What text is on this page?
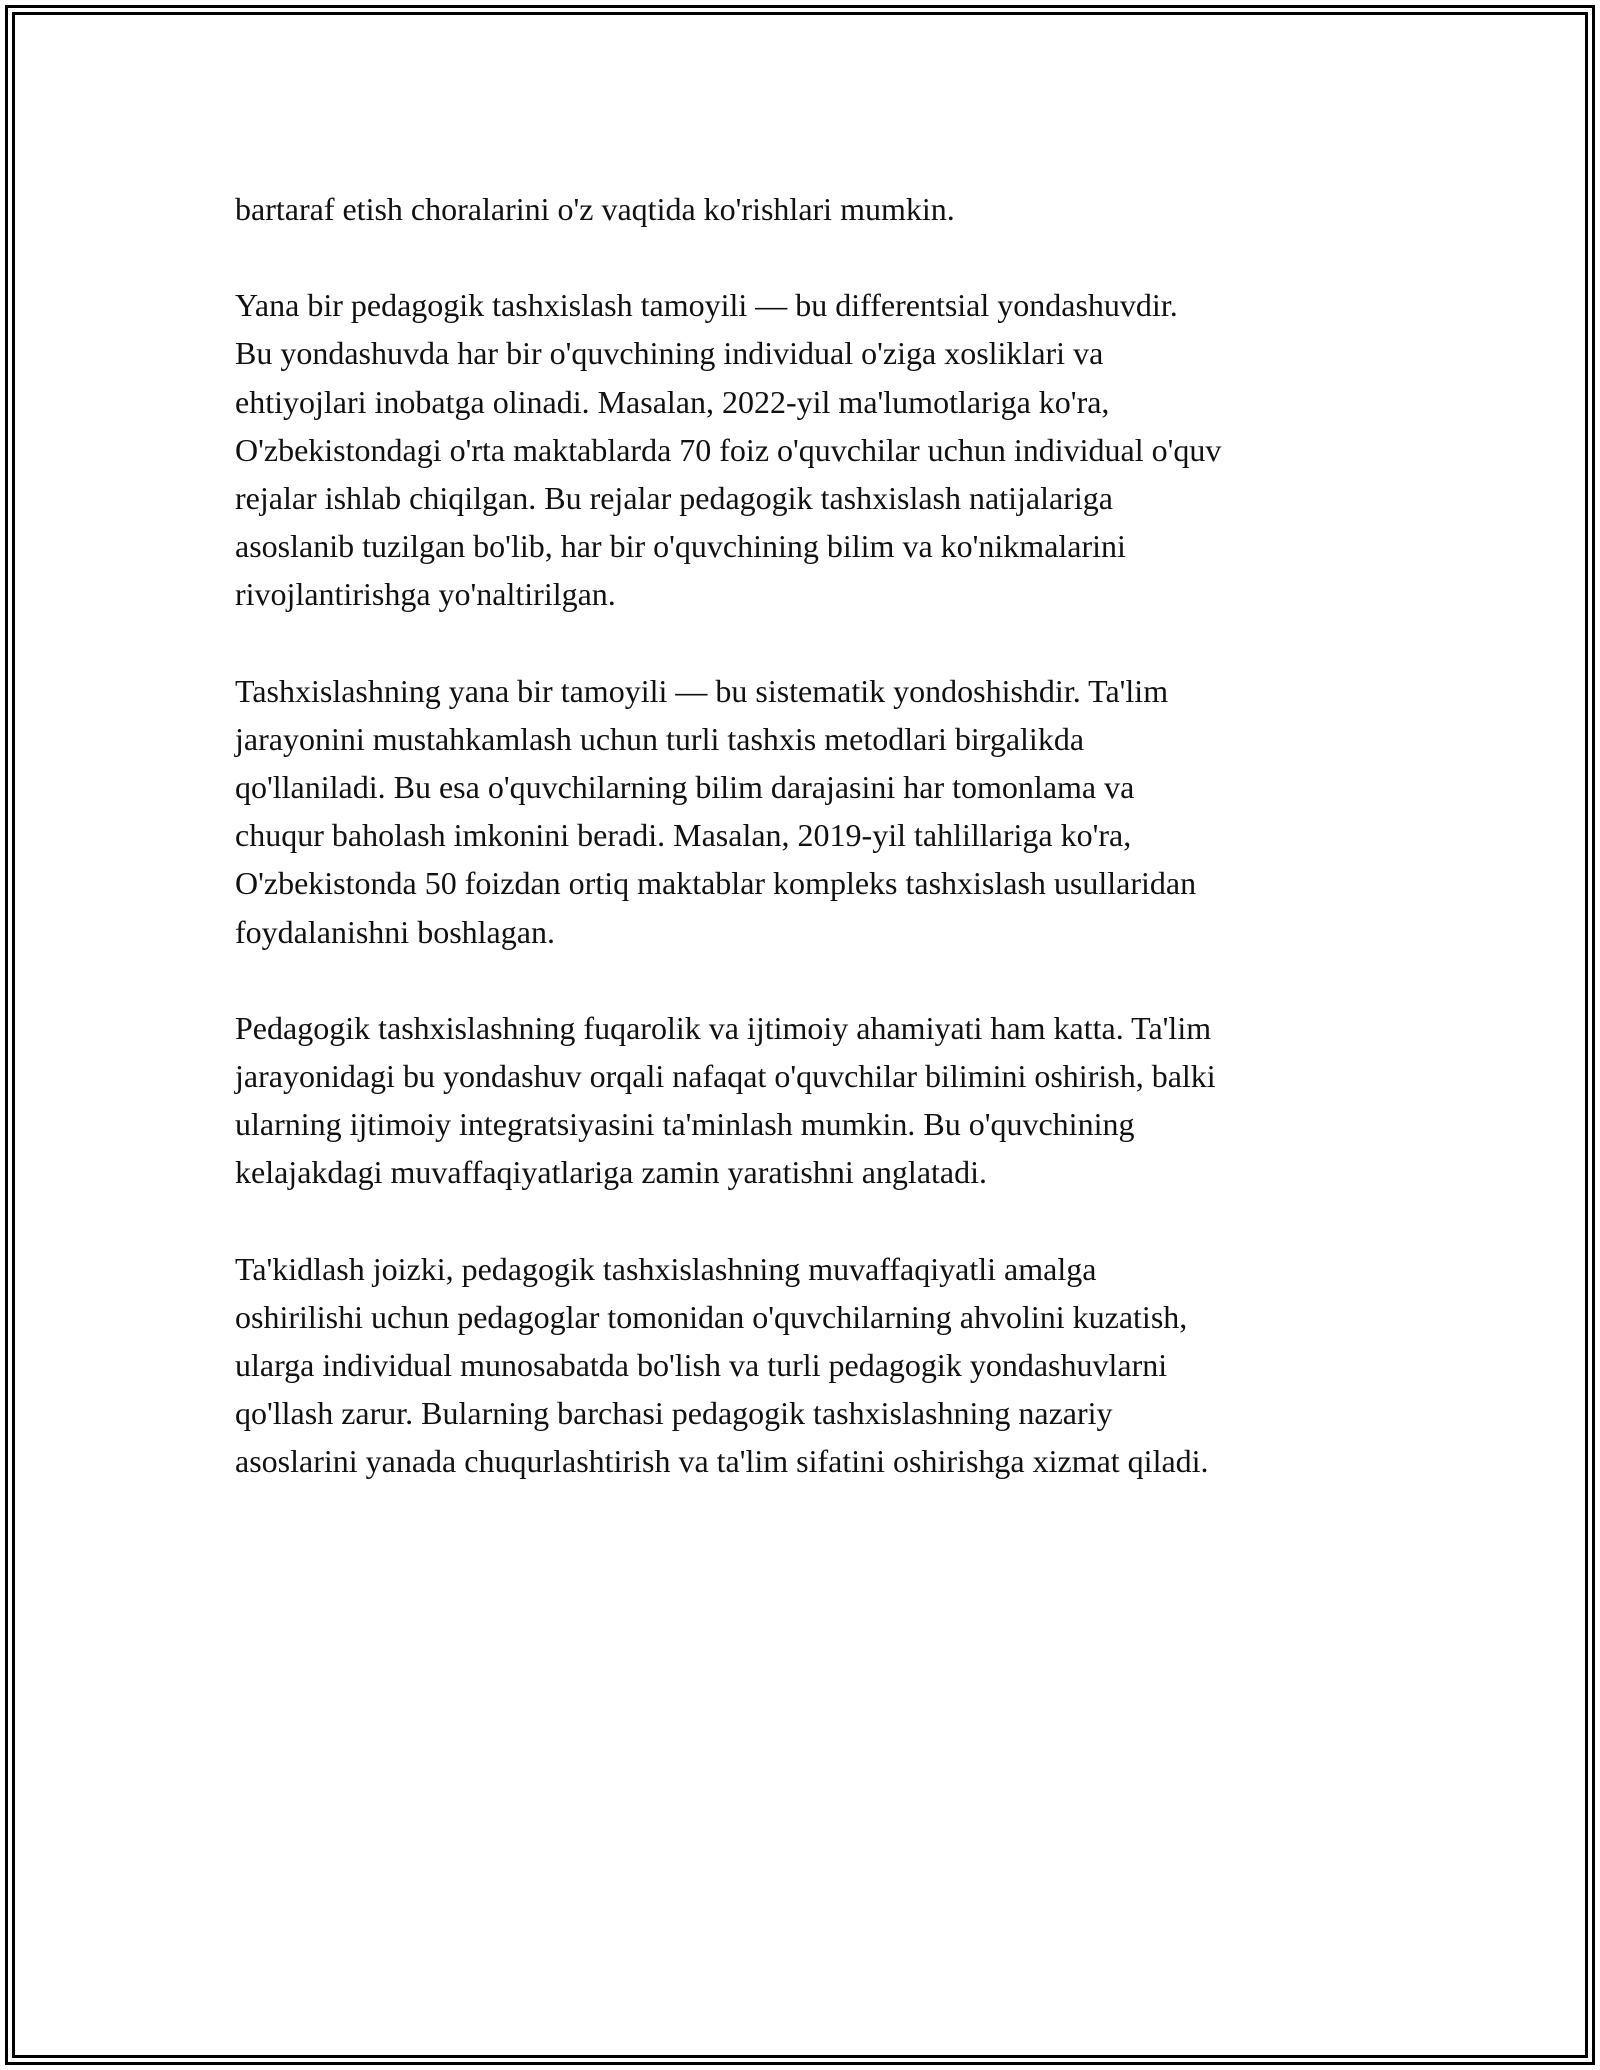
bartaraf etish choralarini o'z vaqtida ko'rishlari mumkin.

Yana bir pedagogik tashxislash tamoyili — bu differentsial yondashuvdir.
Bu yondashuvda har bir o'quvchining individual o'ziga xosliklari va
ehtiyojlari inobatga olinadi. Masalan, 2022-yil ma'lumotlariga ko'ra,
O'zbekistondagi o'rta maktablarda 70 foiz o'quvchilar uchun individual o'quv
rejalar ishlab chiqilgan. Bu rejalar pedagogik tashxislash natijalariga
asoslanib tuzilgan bo'lib, har bir o'quvchining bilim va ko'nikmalarini
rivojlantirishga yo'naltirilgan.

Tashxislashning yana bir tamoyili — bu sistematik yondoshishdir. Ta'lim
jarayonini mustahkamlash uchun turli tashxis metodlari birgalikda
qo'llaniladi. Bu esa o'quvchilarning bilim darajasini har tomonlama va
chuqur baholash imkonini beradi. Masalan, 2019-yil tahlillariga ko'ra,
O'zbekistonda 50 foizdan ortiq maktablar kompleks tashxislash usullaridan
foydalanishni boshlagan.

Pedagogik tashxislashning fuqarolik va ijtimoiy ahamiyati ham katta. Ta'lim
jarayonidagi bu yondashuv orqali nafaqat o'quvchilar bilimini oshirish, balki
ularning ijtimoiy integratsiyasini ta'minlash mumkin. Bu o'quvchining
kelajakdagi muvaffaqiyatlariga zamin yaratishni anglatadi.

Ta'kidlash joizki, pedagogik tashxislashning muvaffaqiyatli amalga
oshirilishi uchun pedagoglar tomonidan o'quvchilarning ahvolini kuzatish,
ularga individual munosabatda bo'lish va turli pedagogik yondashuvlarni
qo'llash zarur. Bularning barchasi pedagogik tashxislashning nazariy
asoslarini yanada chuqurlashtirish va ta'lim sifatini oshirishga xizmat qiladi.
